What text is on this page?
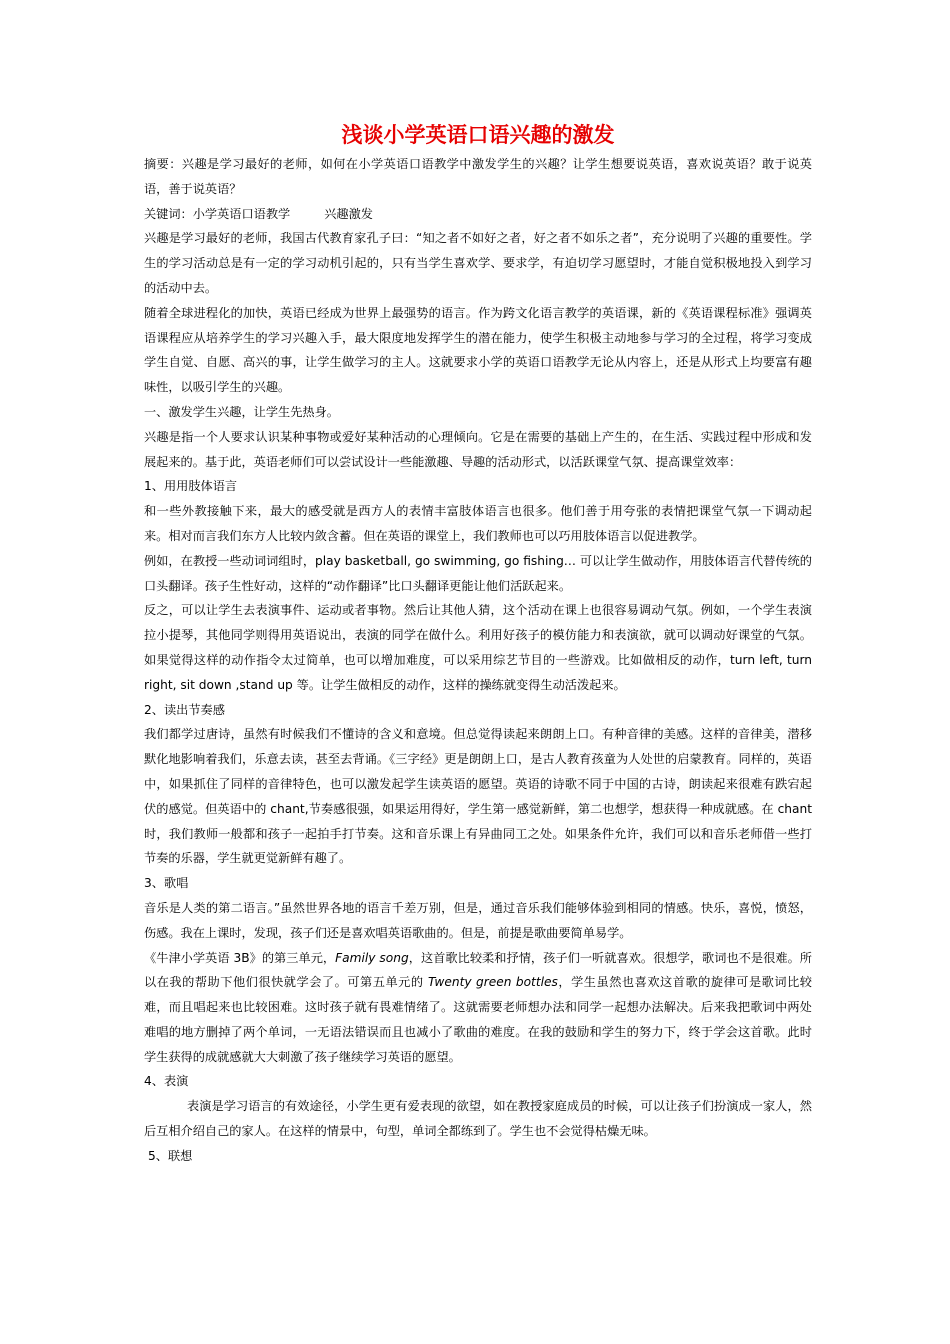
浅谈小学英语口语兴趣的激发

摘要：兴趣是学习最好的老师，如何在小学英语口语教学中激发学生的兴趣？让学生想要说英语，喜欢说英语？敢于说英语，善于说英语？

关键词：小学英语口语教学	兴趣激发

兴趣是学习最好的老师，我国古代教育家孔子曰：“知之者不如好之者，好之者不如乐之者”，充分说明了兴趣的重要性。学生的学习活动总是有一定的学习动机引起的，只有当学生喜欢学、要求学，有迫切学习愿望时，才能自觉积极地投入到学习的活动中去。

随着全球进程化的加快，英语已经成为世界上最强势的语言。作为跨文化语言教学的英语课，新的《英语课程标准》强调英语课程应从培养学生的学习兴趣入手，最大限度地发挥学生的潜在能力，使学生积极主动地参与学习的全过程，将学习变成学生自觉、自愿、高兴的事，让学生做学习的主人。这就要求小学的英语口语教学无论从内容上，还是从形式上均要富有趣味性，以吸引学生的兴趣。

一、激发学生兴趣，让学生先热身。

兴趣是指一个人要求认识某种事物或爱好某种活动的心理倾向。它是在需要的基础上产生的，在生活、实践过程中形成和发展起来的。基于此，英语老师们可以尝试设计一些能激趣、导趣的活动形式，以活跃课堂气氛、提高课堂效率：

1、用用肢体语言

和一些外教接触下来，最大的感受就是西方人的表情丰富肢体语言也很多。他们善于用夸张的表情把课堂气氛一下调动起来。相对而言我们东方人比较内敛含蓄。但在英语的课堂上，我们教师也可以巧用肢体语言以促进教学。

例如，在教授一些动词词组时，play basketball, go swimming, go fishing… 可以让学生做动作，用肢体语言代替传统的口头翻译。孩子生性好动，这样的“动作翻译”比口头翻译更能让他们活跃起来。

反之，可以让学生去表演事件、运动或者事物。然后让其他人猜，这个活动在课上也很容易调动气氛。例如，一个学生表演拉小提琴，其他同学则得用英语说出，表演的同学在做什么。利用好孩子的模仿能力和表演欲，就可以调动好课堂的气氛。如果觉得这样的动作指令太过简单，也可以增加难度，可以采用综艺节目的一些游戏。比如做相反的动作，turn left, turn right, sit down ,stand up 等。让学生做相反的动作，这样的操练就变得生动活泼起来。

2、读出节奏感

我们都学过唐诗，虽然有时候我们不懂诗的含义和意境。但总觉得读起来朗朗上口。有种音律的美感。这样的音律美，潜移默化地影响着我们，乐意去读，甚至去背诵。《三字经》更是朗朗上口，是古人教育孩童为人处世的启蒙教育。同样的，英语中，如果抓住了同样的音律特色，也可以激发起学生读英语的愿望。英语的诗歌不同于中国的古诗，朗读起来很难有跌宕起伏的感觉。但英语中的 chant,节奏感很强，如果运用得好，学生第一感觉新鲜，第二也想学，想获得一种成就感。在 chant 时，我们教师一般都和孩子一起拍手打节奏。这和音乐课上有异曲同工之处。如果条件允许，我们可以和音乐老师借一些打节奏的乐器，学生就更觉新鲜有趣了。

3、歌唱

音乐是人类的第二语言。”虽然世界各地的语言千差万别，但是，通过音乐我们能够体验到相同的情感。快乐，喜悦，愤怒，伤感。我在上课时，发现，孩子们还是喜欢唱英语歌曲的。但是，前提是歌曲要简单易学。

《牛津小学英语 3B》的第三单元，Family song，这首歌比较柔和抒情，孩子们一听就喜欢。很想学，歌词也不是很难。所以在我的帮助下他们很快就学会了。可第五单元的 Twenty green bottles，学生虽然也喜欢这首歌的旋律可是歌词比较难，而且唱起来也比较困难。这时孩子就有畏难情绪了。这就需要老师想办法和同学一起想办法解决。后来我把歌词中两处难唱的地方删掉了两个单词，一无语法错误而且也减小了歌曲的难度。在我的鼓励和学生的努力下，终于学会这首歌。此时学生获得的成就感就大大刺激了孩子继续学习英语的愿望。

4、表演

表演是学习语言的有效途径，小学生更有爱表现的欲望，如在教授家庭成员的时候，可以让孩子们扮演成一家人，然后互相介绍自己的家人。在这样的情景中，句型，单词全都练到了。学生也不会觉得枯燥无味。

5、联想
